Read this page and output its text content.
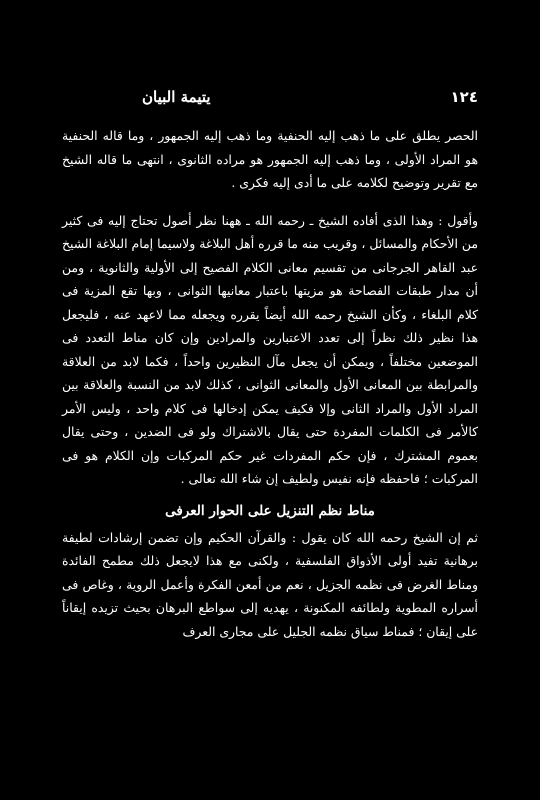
١٢٤
يتيمة البيان

الحصر يطلق على ما ذهب إليه الحنفية وما ذهب إليه الجمهور ، وما قاله الحنفية هو المراد الأولى ، وما ذهب إليه الجمهور هو مراده الثانوى ، انتهى ما قاله الشيخ مع تقرير وتوضيح لكلامه على ما أدى إليه فكرى .

وأقول : وهذا الذى أفاده الشيخ ـ رحمه الله ـ ههنا نظر أصول تحتاج إليه فى كثير من الأحكام والمسائل ، وقريب منه ما قرره أهل البلاغة ولاسيما إمام البلاغة الشيخ عبد القاهر الجرجانى من تقسيم معانى الكلام الفصيح إلى الأولية والثانوية ، ومن أن مدار طبقات الفصاحة هو مزيتها باعتبار معانيها الثوانى ، وبها تقع المزية فى كلام البلغاء ، وكأن الشيخ رحمه الله أيضاً يقرره ويجعله مما لاعهد عنه ، فليجعل هذا نظير ذلك نظراً إلى تعدد الاعتبارين والمرادين وإن كان مناط التعدد فى الموضعين مختلفاً ، ويمكن أن يجعل مآل النظيرين واحداً ، فكما لابد من العلاقة والمرابطة بين المعانى الأول والمعانى الثوانى ، كذلك لابد من النسبة والعلاقة بين المراد الأول والمراد الثانى وإلا فكيف يمكن إدخالها فى كلام واحد ، وليس الأمر كالأمر فى الكلمات المفردة حتى يقال بالاشتراك ولو فى الضدين ، وحتى يقال بعموم المشترك ، فإن حكم المفردات غير حكم المركبات وإن الكلام هو فى المركبات ؛ فاحفظه فإنه نفيس ولطيف إن شاء الله تعالى .

مناط نظم التنزيل على الحوار العرفى

ثم إن الشيخ رحمه الله كان يقول : والقرآن الحكيم وإن تضمن إرشادات لطيفة برهانية تفيد أولى الأذواق الفلسفية ، ولكنى مع هذا لايجعل ذلك مطمح الفائدة ومناط الغرض فى نظمه الجزيل ، نعم من أمعن الفكرة وأعمل الروية ، وغاص فى أسراره المطوية ولطائفه المكنونة ، يهديه إلى سواطع البرهان بحيث تزيده إيقاناً على إيقان ؛ فمناط سياق نظمه الجليل على مجارى العرف
